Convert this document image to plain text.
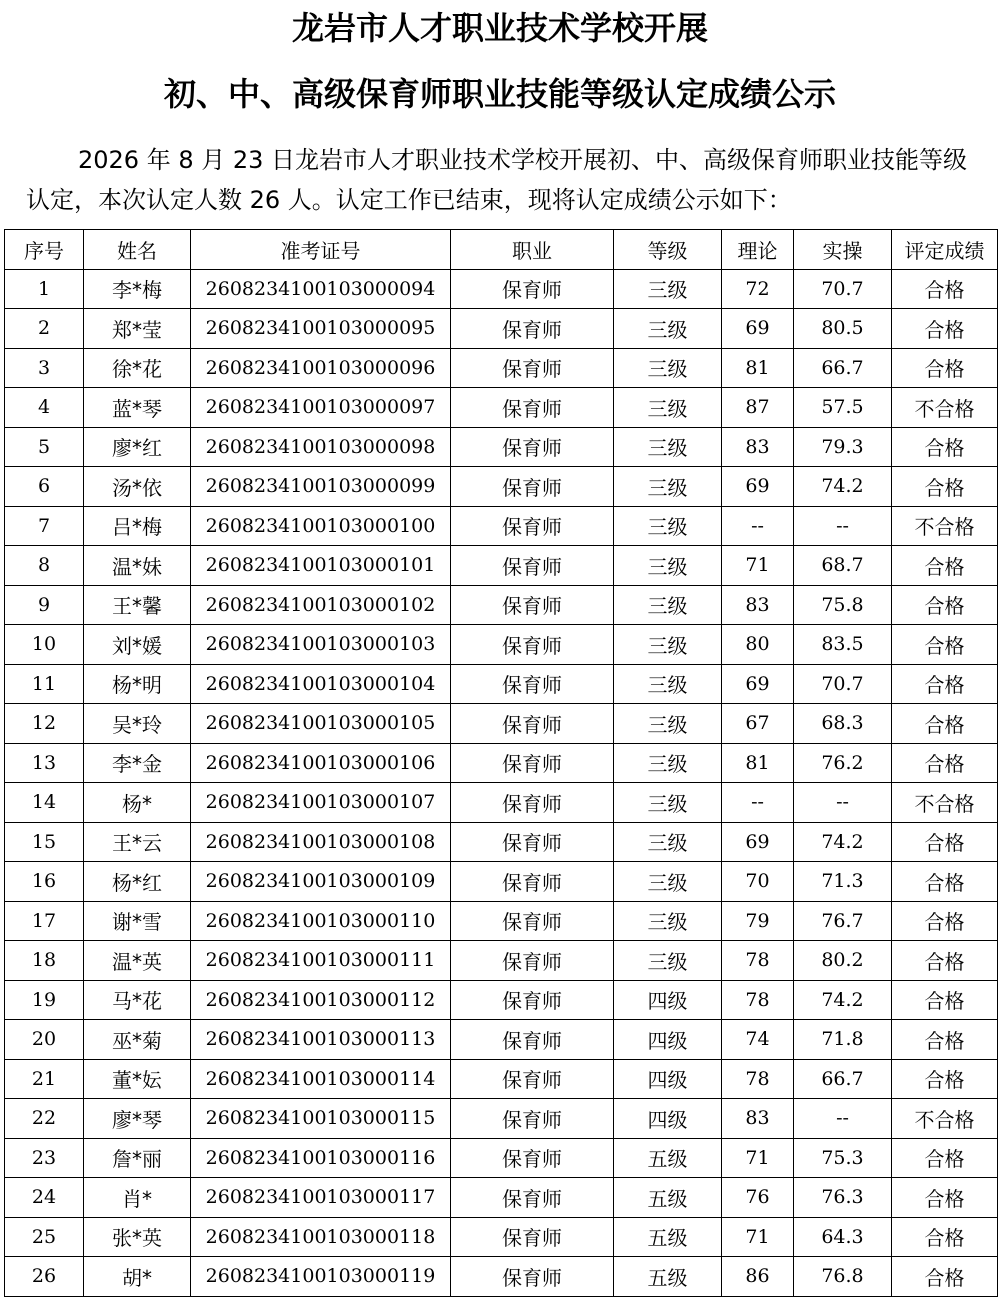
龙岩市人才职业技术学校开展
初、中、高级保育师职业技能等级认定成绩公示

2026 年 8 月 23 日龙岩市人才职业技术学校开展初、中、高级保育师职业技能等级认定，本次认定人数 26 人。认定工作已结束，现将认定成绩公示如下：

序号	姓名	准考证号	职业	等级	理论	实操	评定成绩
1	李*梅	2608234100103000094	保育师	三级	72	70.7	合格
2	郑*莹	2608234100103000095	保育师	三级	69	80.5	合格
3	徐*花	2608234100103000096	保育师	三级	81	66.7	合格
4	蓝*琴	2608234100103000097	保育师	三级	87	57.5	不合格
5	廖*红	2608234100103000098	保育师	三级	83	79.3	合格
6	汤*依	2608234100103000099	保育师	三级	69	74.2	合格
7	吕*梅	2608234100103000100	保育师	三级	--	--	不合格
8	温*妹	2608234100103000101	保育师	三级	71	68.7	合格
9	王*馨	2608234100103000102	保育师	三级	83	75.8	合格
10	刘*媛	2608234100103000103	保育师	三级	80	83.5	合格
11	杨*明	2608234100103000104	保育师	三级	69	70.7	合格
12	吴*玲	2608234100103000105	保育师	三级	67	68.3	合格
13	李*金	2608234100103000106	保育师	三级	81	76.2	合格
14	杨*	2608234100103000107	保育师	三级	--	--	不合格
15	王*云	2608234100103000108	保育师	三级	69	74.2	合格
16	杨*红	2608234100103000109	保育师	三级	70	71.3	合格
17	谢*雪	2608234100103000110	保育师	三级	79	76.7	合格
18	温*英	2608234100103000111	保育师	三级	78	80.2	合格
19	马*花	2608234100103000112	保育师	四级	78	74.2	合格
20	巫*菊	2608234100103000113	保育师	四级	74	71.8	合格
21	董*妘	2608234100103000114	保育师	四级	78	66.7	合格
22	廖*琴	2608234100103000115	保育师	四级	83	--	不合格
23	詹*丽	2608234100103000116	保育师	五级	71	75.3	合格
24	肖*	2608234100103000117	保育师	五级	76	76.3	合格
25	张*英	2608234100103000118	保育师	五级	71	64.3	合格
26	胡*	2608234100103000119	保育师	五级	86	76.8	合格
